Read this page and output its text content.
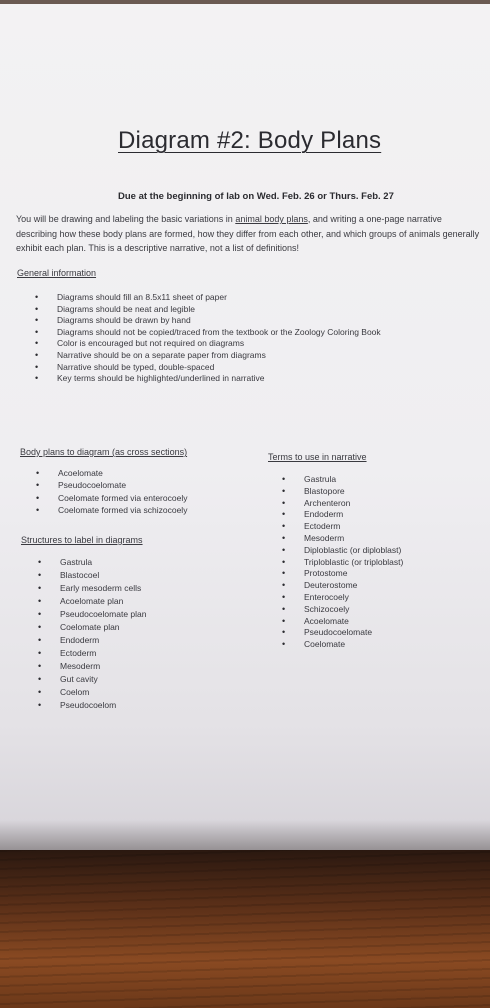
Diagram #2: Body Plans
Due at the beginning of lab on Wed. Feb. 26 or Thurs. Feb. 27
You will be drawing and labeling the basic variations in animal body plans, and writing a one-page narrative describing how these body plans are formed, how they differ from each other, and which groups of animals generally exhibit each plan. This is a descriptive narrative, not a list of definitions!
General information
• Diagrams should fill an 8.5x11 sheet of paper
• Diagrams should be neat and legible
• Diagrams should be drawn by hand
• Diagrams should not be copied/traced from the textbook or the Zoology Coloring Book
• Color is encouraged but not required on diagrams
• Narrative should be on a separate paper from diagrams
• Narrative should be typed, double-spaced
• Key terms should be highlighted/underlined in narrative
Body plans to diagram (as cross sections)
• Acoelomate
• Pseudocoelomate
• Coelomate formed via enterocoely
• Coelomate formed via schizocoely
Structures to label in diagrams
• Gastrula
• Blastocoel
• Early mesoderm cells
• Acoelomate plan
• Pseudocoelomate plan
• Coelomate plan
• Endoderm
• Ectoderm
• Mesoderm
• Gut cavity
• Coelom
• Pseudocoelom
Terms to use in narrative
• Gastrula
• Blastopore
• Archenteron
• Endoderm
• Ectoderm
• Mesoderm
• Diploblastic (or diploblast)
• Triploblastic (or triploblast)
• Protostome
• Deuterostome
• Enterocoely
• Schizocoely
• Acoelomate
• Pseudocoelomate
• Coelomate
